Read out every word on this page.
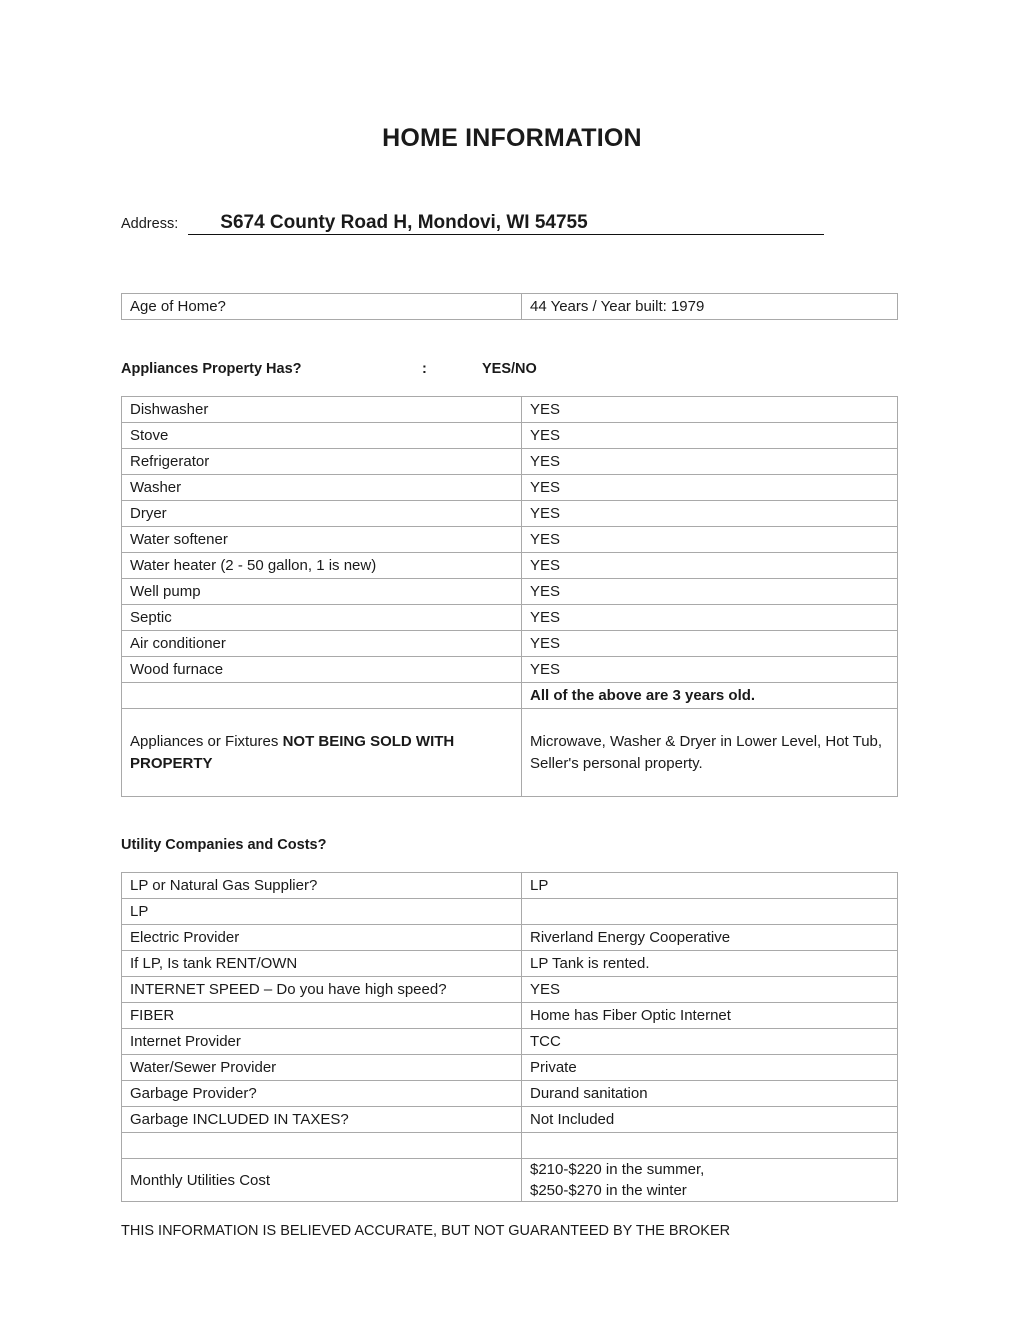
HOME INFORMATION
Address: S674 County Road H, Mondovi, WI 54755
Age of Home?	44 Years / Year built: 1979
Appliances Property Has?	:	YES/NO
Dishwasher	YES
Stove	YES
Refrigerator	YES
Washer	YES
Dryer	YES
Water softener	YES
Water heater (2 - 50 gallon, 1 is new)	YES
Well pump	YES
Septic	YES
Air conditioner	YES
Wood furnace	YES
	All of the above are 3 years old.
Appliances or Fixtures NOT BEING SOLD WITH PROPERTY	Microwave, Washer & Dryer in Lower Level, Hot Tub, Seller's personal property.
Utility Companies and Costs?
LP or Natural Gas Supplier?	LP
LP	
Electric Provider	Riverland Energy Cooperative
If LP, Is tank RENT/OWN	LP Tank is rented.
INTERNET SPEED – Do you have high speed?	YES
FIBER	Home has Fiber Optic Internet
Internet Provider	TCC
Water/Sewer Provider	Private
Garbage Provider?	Durand sanitation
Garbage INCLUDED IN TAXES?	Not Included

Monthly Utilities Cost	$210-$220 in the summer,
$250-$270 in the winter
THIS INFORMATION IS BELIEVED ACCURATE, BUT NOT GUARANTEED BY THE BROKER
